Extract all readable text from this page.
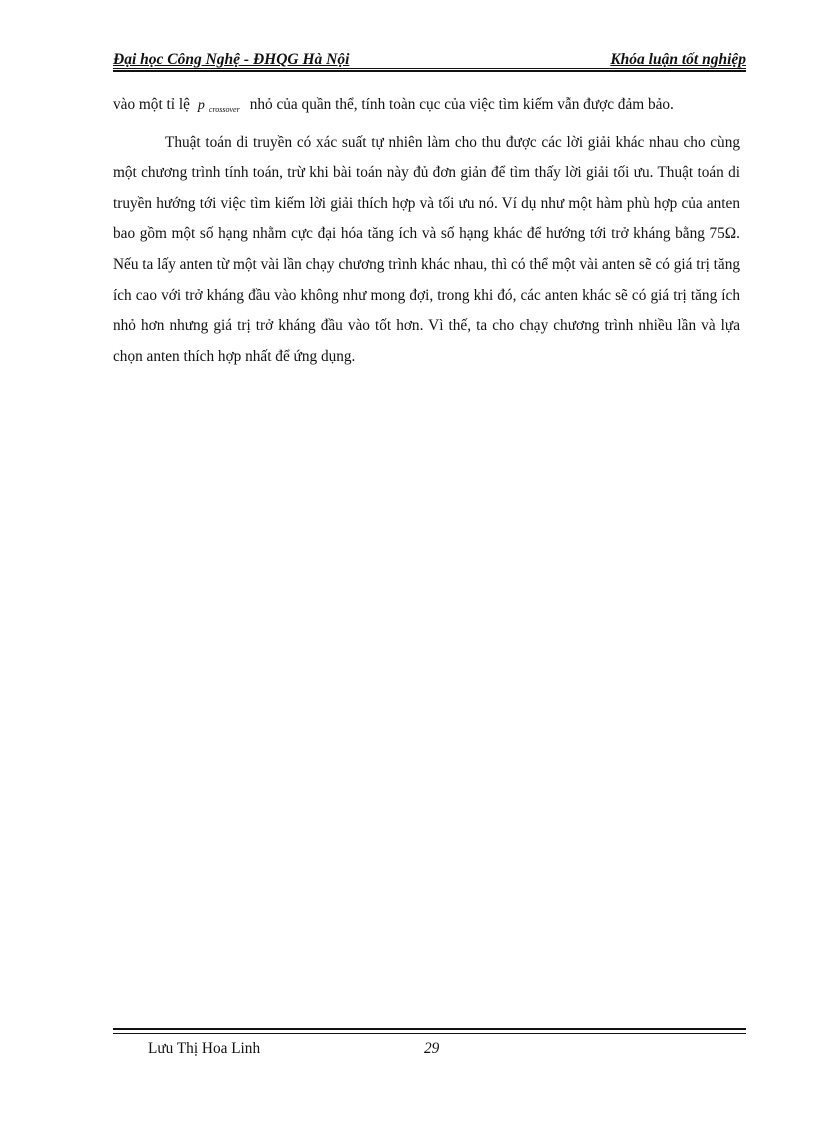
Đại học Công Nghệ - ĐHQG Hà Nội	Khóa luận tốt nghiệp

vào một tỉ lệ p crossover nhỏ của quần thể, tính toàn cục của việc tìm kiếm vẫn được đảm bảo.

Thuật toán di truyền có xác suất tự nhiên làm cho thu được các lời giải khác nhau cho cùng một chương trình tính toán, trừ khi bài toán này đủ đơn giản để tìm thấy lời giải tối ưu. Thuật toán di truyền hướng tới việc tìm kiếm lời giải thích hợp và tối ưu nó. Ví dụ như một hàm phù hợp của anten bao gồm một số hạng nhằm cực đại hóa tăng ích và số hạng khác để hướng tới trở kháng bằng 75Ω. Nếu ta lấy anten từ một vài lần chạy chương trình khác nhau, thì có thể một vài anten sẽ có giá trị tăng ích cao với trở kháng đầu vào không như mong đợi, trong khi đó, các anten khác sẽ có giá trị tăng ích nhỏ hơn nhưng giá trị trở kháng đầu vào tốt hơn. Vì thế, ta cho chạy chương trình nhiều lần và lựa chọn anten thích hợp nhất để ứng dụng.

Lưu Thị Hoa Linh	29
